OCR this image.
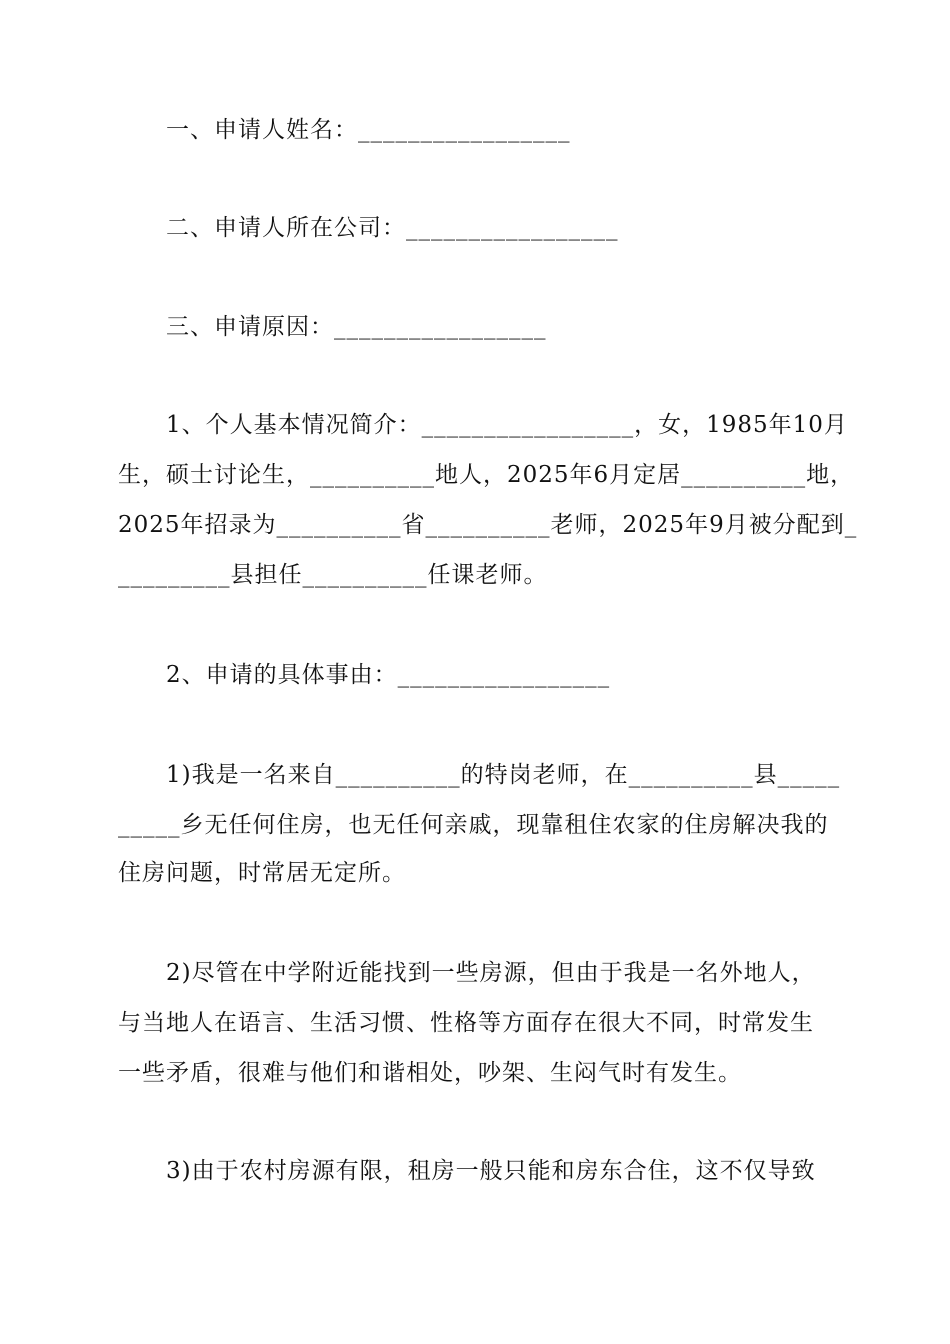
一、申请人姓名：_________________
二、申请人所在公司：_________________
三、申请原因：_________________
1、个人基本情况简介：_________________，女，1985年10月
生，硕士讨论生，__________地人，2025年6月定居__________地，
2025年招录为__________省__________老师，2025年9月被分配到_
_________县担任__________任课老师。
2、申请的具体事由：_________________
1)我是一名来自__________的特岗老师，在__________县_____
_____乡无任何住房，也无任何亲戚，现靠租住农家的住房解决我的
住房问题，时常居无定所。
2)尽管在中学附近能找到一些房源，但由于我是一名外地人，
与当地人在语言、生活习惯、性格等方面存在很大不同，时常发生
一些矛盾，很难与他们和谐相处，吵架、生闷气时有发生。
3)由于农村房源有限，租房一般只能和房东合住，这不仅导致
